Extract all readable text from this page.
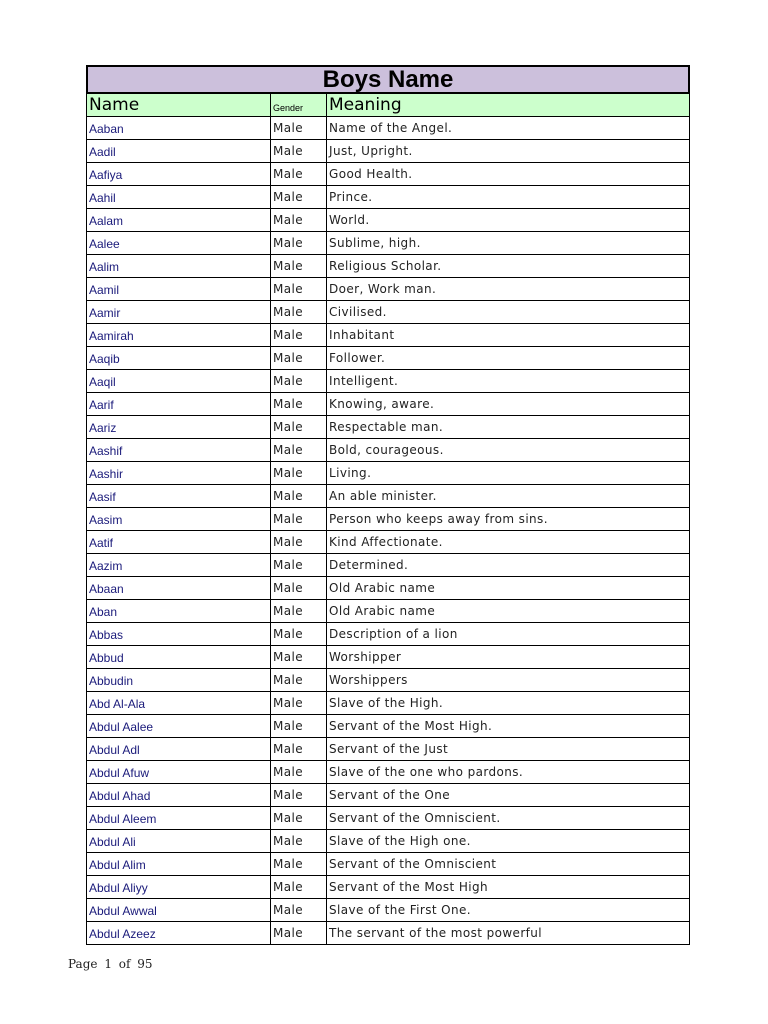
Boys Name
Name	Gender	Meaning
Aaban	Male	Name of the Angel.
Aadil	Male	Just, Upright.
Aafiya	Male	Good Health.
Aahil	Male	Prince.
Aalam	Male	World.
Aalee	Male	Sublime, high.
Aalim	Male	Religious Scholar.
Aamil	Male	Doer, Work man.
Aamir	Male	Civilised.
Aamirah	Male	Inhabitant
Aaqib	Male	Follower.
Aaqil	Male	Intelligent.
Aarif	Male	Knowing, aware.
Aariz	Male	Respectable man.
Aashif	Male	Bold, courageous.
Aashir	Male	Living.
Aasif	Male	An able minister.
Aasim	Male	Person who keeps away from sins.
Aatif	Male	Kind Affectionate.
Aazim	Male	Determined.
Abaan	Male	Old Arabic name
Aban	Male	Old Arabic name
Abbas	Male	Description of a lion
Abbud	Male	Worshipper
Abbudin	Male	Worshippers
Abd Al-Ala	Male	Slave of the High.
Abdul Aalee	Male	Servant of the Most High.
Abdul Adl	Male	Servant of the Just
Abdul Afuw	Male	Slave of the one who pardons.
Abdul Ahad	Male	Servant of the One
Abdul Aleem	Male	Servant of the Omniscient.
Abdul Ali	Male	Slave of the High one.
Abdul Alim	Male	Servant of the Omniscient
Abdul Aliyy	Male	Servant of the Most High
Abdul Awwal	Male	Slave of the First One.
Abdul Azeez	Male	The servant of the most powerful
Page 1 of 95
